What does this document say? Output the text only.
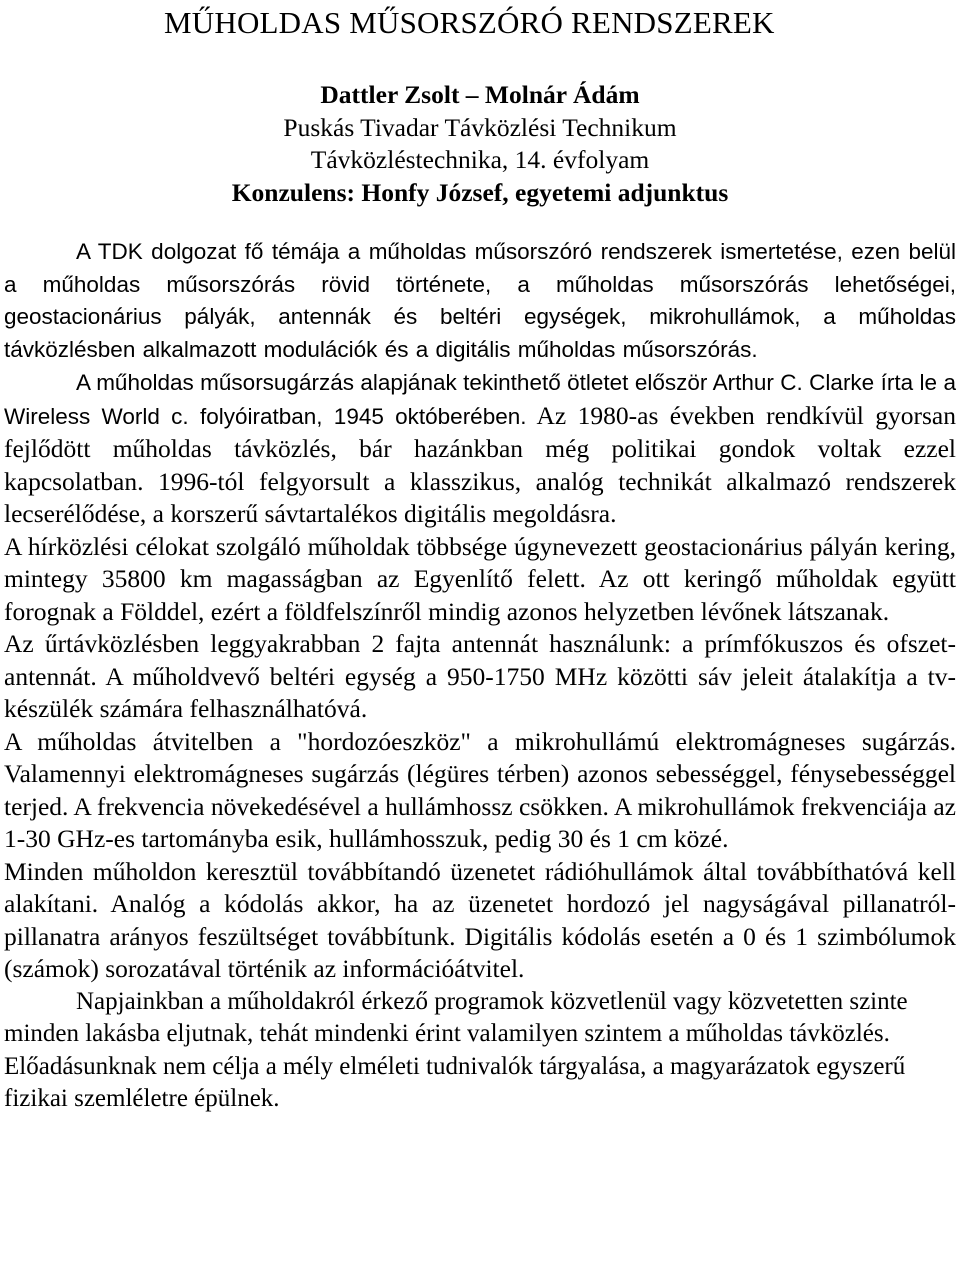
MŰHOLDAS MŰSORSZÓRÓ RENDSZEREK
Dattler Zsolt – Molnár Ádám
Puskás Tivadar Távközlési Technikum
Távközléstechnika, 14. évfolyam
Konzulens: Honfy József, egyetemi adjunktus

A TDK dolgozat fő témája a műholdas műsorszóró rendszerek ismertetése, ezen belül a műholdas műsorszórás rövid története, a műholdas műsorszórás lehetőségei, geostacionárius pályák, antennák és beltéri egységek, mikrohullámok, a műholdas távközlésben alkalmazott modulációk és a digitális műholdas műsorszórás.

A műholdas műsorsugárzás alapjának tekinthető ötletet először Arthur C. Clarke írta le a Wireless World c. folyóiratban, 1945 októberében. Az 1980-as években rendkívül gyorsan fejlődött műholdas távközlés, bár hazánkban még politikai gondok voltak ezzel kapcsolatban. 1996-tól felgyorsult a klasszikus, analóg technikát alkalmazó rendszerek lecserélődése, a korszerű sávtartalékos digitális megoldásra.

A hírközlési célokat szolgáló műholdak többsége úgynevezett geostacionárius pályán kering, mintegy 35800 km magasságban az Egyenlítő felett. Az ott keringő műholdak együtt forognak a Földdel, ezért a földfelszínről mindig azonos helyzetben lévőnek látszanak.

Az űrtávközlésben leggyakrabban 2 fajta antennát használunk: a prímfókuszos és ofszet-antennát. A műholdvevő beltéri egység a 950-1750 MHz közötti sáv jeleit átalakítja a tv-készülék számára felhasználhatóvá.

A műholdas átvitelben a "hordozóeszköz" a mikrohullámú elektromágneses sugárzás. Valamennyi elektromágneses sugárzás (légüres térben) azonos sebességgel, fénysebességgel terjed. A frekvencia növekedésével a hullámhossz csökken. A mikrohullámok frekvenciája az 1-30 GHz-es tartományba esik, hullámhosszuk, pedig 30 és 1 cm közé.

Minden műholdon keresztül továbbítandó üzenetet rádióhullámok által továbbíthatóvá kell alakítani. Analóg a kódolás akkor, ha az üzenetet hordozó jel nagyságával pillanatról-pillanatra arányos feszültséget továbbítunk. Digitális kódolás esetén a 0 és 1 szimbólumok (számok) sorozatával történik az információátvitel.

Napjainkban a műholdakról érkező programok közvetlenül vagy közvetetten szinte minden lakásba eljutnak, tehát mindenki érint valamilyen szintem a műholdas távközlés. Előadásunknak nem célja a mély elméleti tudnivalók tárgyalása, a magyarázatok egyszerű fizikai szemléletre épülnek.
